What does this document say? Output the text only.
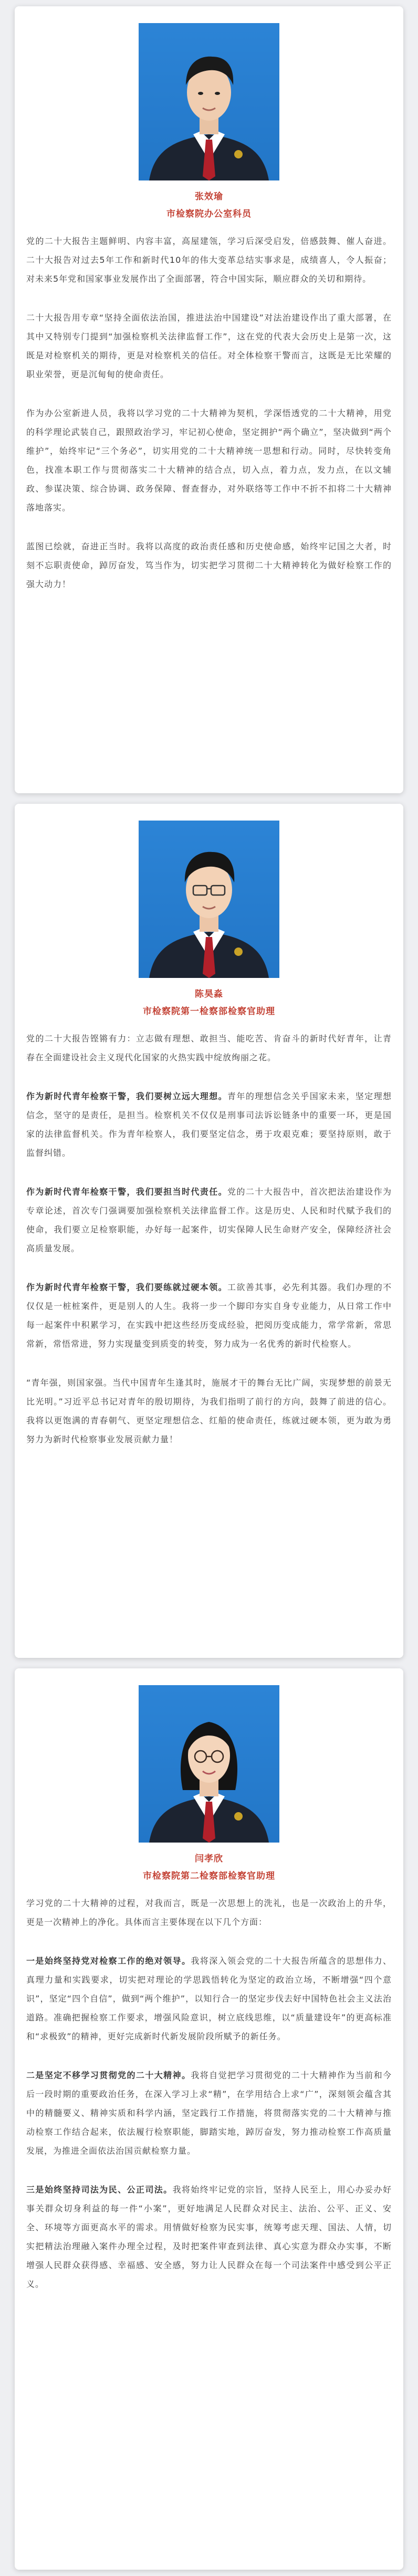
张效瑜
市检察院办公室科员

党的二十大报告主题鲜明、内容丰富，高屋建瓴，学习后深受启发，倍感鼓舞、催人奋进。二十大报告对过去5年工作和新时代10年的伟大变革总结实事求是，成绩喜人，令人振奋；对未来5年党和国家事业发展作出了全面部署，符合中国实际，顺应群众的关切和期待。

二十大报告用专章“坚持全面依法治国，推进法治中国建设”对法治建设作出了重大部署，在其中又特别专门提到“加强检察机关法律监督工作”，这在党的代表大会历史上是第一次，这既是对检察机关的期待，更是对检察机关的信任。对全体检察干警而言，这既是无比荣耀的职业荣誉，更是沉甸甸的使命责任。

作为办公室新进人员，我将以学习党的二十大精神为契机，学深悟透党的二十大精神，用党的科学理论武装自己，跟照政治学习，牢记初心使命，坚定拥护“两个确立”，坚决做到“两个维护”，始终牢记“三个务必”，切实用党的二十大精神统一思想和行动。同时，尽快转变角色，找准本职工作与贯彻落实二十大精神的结合点，切入点，着力点，发力点，在以文辅政、参谋决策、综合协调、政务保障、督查督办，对外联络等工作中不折不扣将二十大精神落地落实。

蓝图已绘就，奋进正当时。我将以高度的政治责任感和历史使命感，始终牢记国之大者，时刻不忘职责使命，踔厉奋发，笃当作为，切实把学习贯彻二十大精神转化为做好检察工作的强大动力！

陈昊淼
市检察院第一检察部检察官助理

党的二十大报告铿锵有力：立志做有理想、敢担当、能吃苦、肯奋斗的新时代好青年，让青春在全面建设社会主义现代化国家的火热实践中绽放绚丽之花。

作为新时代青年检察干警，我们要树立远大理想。青年的理想信念关乎国家未来，坚定理想信念，坚守的是责任，是担当。检察机关不仅仅是刑事司法诉讼链条中的重要一环，更是国家的法律监督机关。作为青年检察人，我们要坚定信念，勇于攻艰克难；要坚持原则，敢于监督纠错。

作为新时代青年检察干警，我们要担当时代责任。党的二十大报告中，首次把法治建设作为专章论述，首次专门强调要加强检察机关法律监督工作。这是历史、人民和时代赋予我们的使命，我们要立足检察职能，办好每一起案件，切实保障人民生命财产安全，保障经济社会高质量发展。

作为新时代青年检察干警，我们要练就过硬本领。工欲善其事，必先利其器。我们办理的不仅仅是一桩桩案件，更是别人的人生。我将一步一个脚印夯实自身专业能力，从日常工作中每一起案件中积累学习，在实践中把这些经历变成经验，把阅历变成能力，常学常新，常思常新，常悟常进，努力实现量变到质变的转变，努力成为一名优秀的新时代检察人。

“青年强，则国家强。当代中国青年生逢其时，施展才干的舞台无比广阔，实现梦想的前景无比光明。”习近平总书记对青年的殷切期待，为我们指明了前行的方向，鼓舞了前进的信心。我将以更饱满的青春朝气、更坚定理想信念、红船的使命责任，练就过硬本领，更为敢为勇努力为新时代检察事业发展贡献力量！

闫孝欣
市检察院第二检察部检察官助理

学习党的二十大精神的过程，对我而言，既是一次思想上的洗礼，也是一次政治上的升华，更是一次精神上的净化。具体而言主要体现在以下几个方面：

一是始终坚持党对检察工作的绝对领导。我将深入领会党的二十大报告所蕴含的思想伟力、真理力量和实践要求，切实把对理论的学思践悟转化为坚定的政治立场，不断增强“四个意识”，坚定“四个自信”，做到“两个维护”，以知行合一的坚定步伐去好中国特色社会主义法治道路。准确把握检察工作要求，增强风险意识，树立底线思维，以“质量建设年”的更高标准和“求极致”的精神，更好完成新时代新发展阶段所赋予的新任务。

二是坚定不移学习贯彻党的二十大精神。我将自觉把学习贯彻党的二十大精神作为当前和今后一段时期的重要政治任务，在深入学习上求“精”，在学用结合上求“广”，深刻领会蕴含其中的精髓要义、精神实质和科学内涵，坚定践行工作措施，将贯彻落实党的二十大精神与推动检察工作结合起来，依法履行检察职能，脚踏实地，踔厉奋发，努力推动检察工作高质量发展，为推进全面依法治国贡献检察力量。

三是始终坚持司法为民、公正司法。我将始终牢记党的宗旨，坚持人民至上，用心办妥办好事关群众切身利益的每一件“小案”，更好地满足人民群众对民主、法治、公平、正义、安全、环境等方面更高水平的需求。用情做好检察为民实事，统筹考虑天理、国法、人情，切实把精法治理融入案件办理全过程，及时把案件审查到法律、真心实意为群众办实事，不断增强人民群众获得感、幸福感、安全感，努力让人民群众在每一个司法案件中感受到公平正义。
